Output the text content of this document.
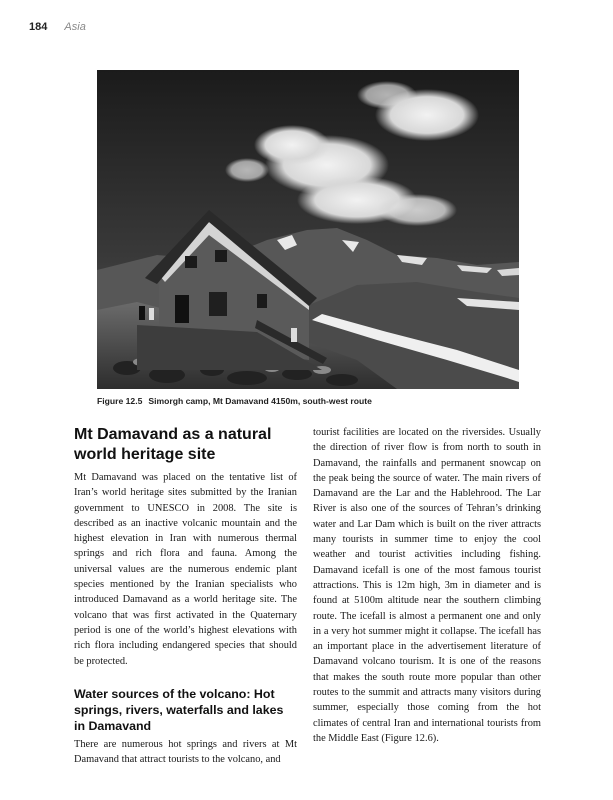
184 Asia
Figure 12.5 Simorgh camp, Mt Damavand 4150m, south-west route
Mt Damavand as a natural world heritage site

Mt Damavand was placed on the tentative list of Iran’s world heritage sites submitted by the Iranian government to UNESCO in 2008. The site is described as an inactive volcanic mountain and the highest elevation in Iran with numerous thermal springs and rich flora and fauna. Among the universal values are the numerous endemic plant species mentioned by the Iranian specialists who introduced Damavand as a world heritage site. The volcano that was first activated in the Quaternary period is one of the world’s highest elevations with rich flora including endangered species that should be protected.

Water sources of the volcano: Hot springs, rivers, waterfalls and lakes in Damavand

There are numerous hot springs and rivers at Mt Damavand that attract tourists to the volcano, and

tourist facilities are located on the riversides. Usually the direction of river flow is from north to south in Damavand, the rainfalls and permanent snowcap on the peak being the source of water. The main rivers of Damavand are the Lar and the Hablehrood. The Lar River is also one of the sources of Tehran’s drinking water and Lar Dam which is built on the river attracts many tourists in summer time to enjoy the cool weather and tourist activities including fishing. Damavand icefall is one of the most famous tourist attractions. This is 12m high, 3m in diameter and is found at 5100m altitude near the southern climbing route. The icefall is almost a permanent one and only in a very hot summer might it collapse. The icefall has an important place in the advertisement literature of Damavand volcano tourism. It is one of the reasons that makes the south route more popular than other routes to the summit and attracts many visitors during summer, especially those coming from the hot climates of central Iran and international tourists from the Middle East (Figure 12.6).
